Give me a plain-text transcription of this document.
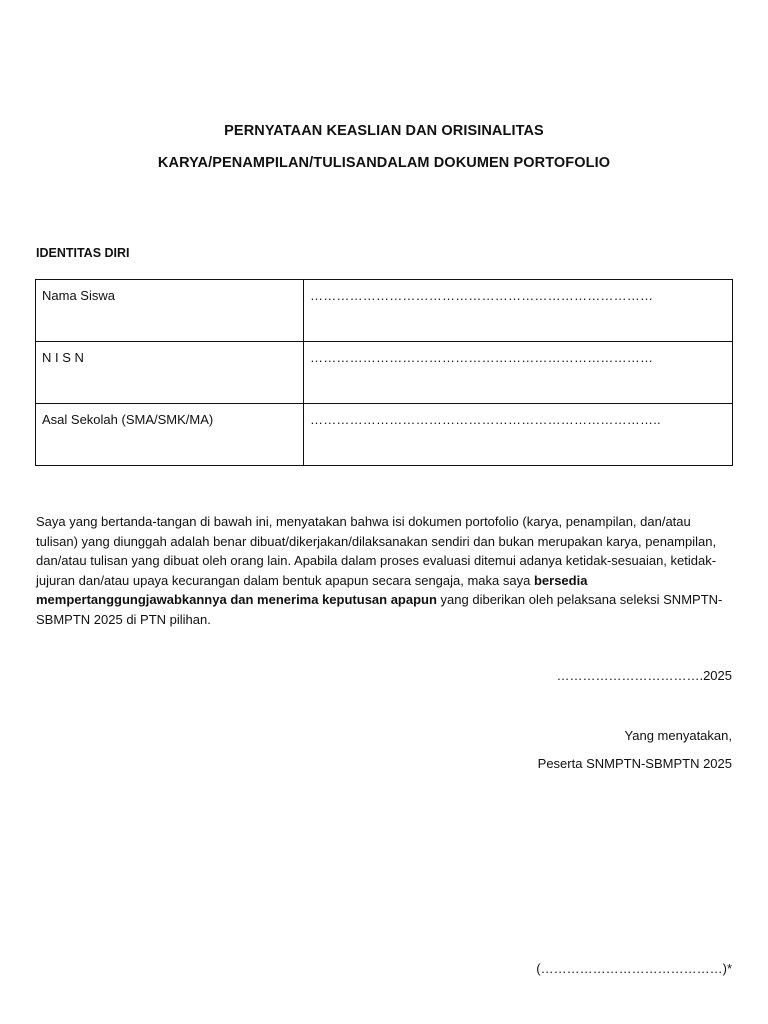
PERNYATAAN KEASLIAN DAN ORISINALITAS
KARYA/PENAMPILAN/TULISANDALAM DOKUMEN PORTOFOLIO
IDENTITAS DIRI
Nama Siswa	……………………………………………………………………
N I S N	……………………………………………………………………
Asal Sekolah (SMA/SMK/MA)	……………………………………………………………………..
Saya yang bertanda-tangan di bawah ini, menyatakan bahwa isi dokumen portofolio (karya, penampilan, dan/atau tulisan) yang diunggah adalah benar dibuat/dikerjakan/dilaksanakan sendiri dan bukan merupakan karya, penampilan, dan/atau tulisan yang dibuat oleh orang lain. Apabila dalam proses evaluasi ditemui adanya ketidak-sesuaian, ketidak-jujuran dan/atau upaya kecurangan dalam bentuk apapun secara sengaja, maka saya bersedia mempertanggungjawabkannya dan menerima keputusan apapun yang diberikan oleh pelaksana seleksi SNMPTN-SBMPTN 2025 di PTN pilihan.
…………………………….2025
Yang menyatakan,
Peserta SNMPTN-SBMPTN 2025
(……………………………………)*
